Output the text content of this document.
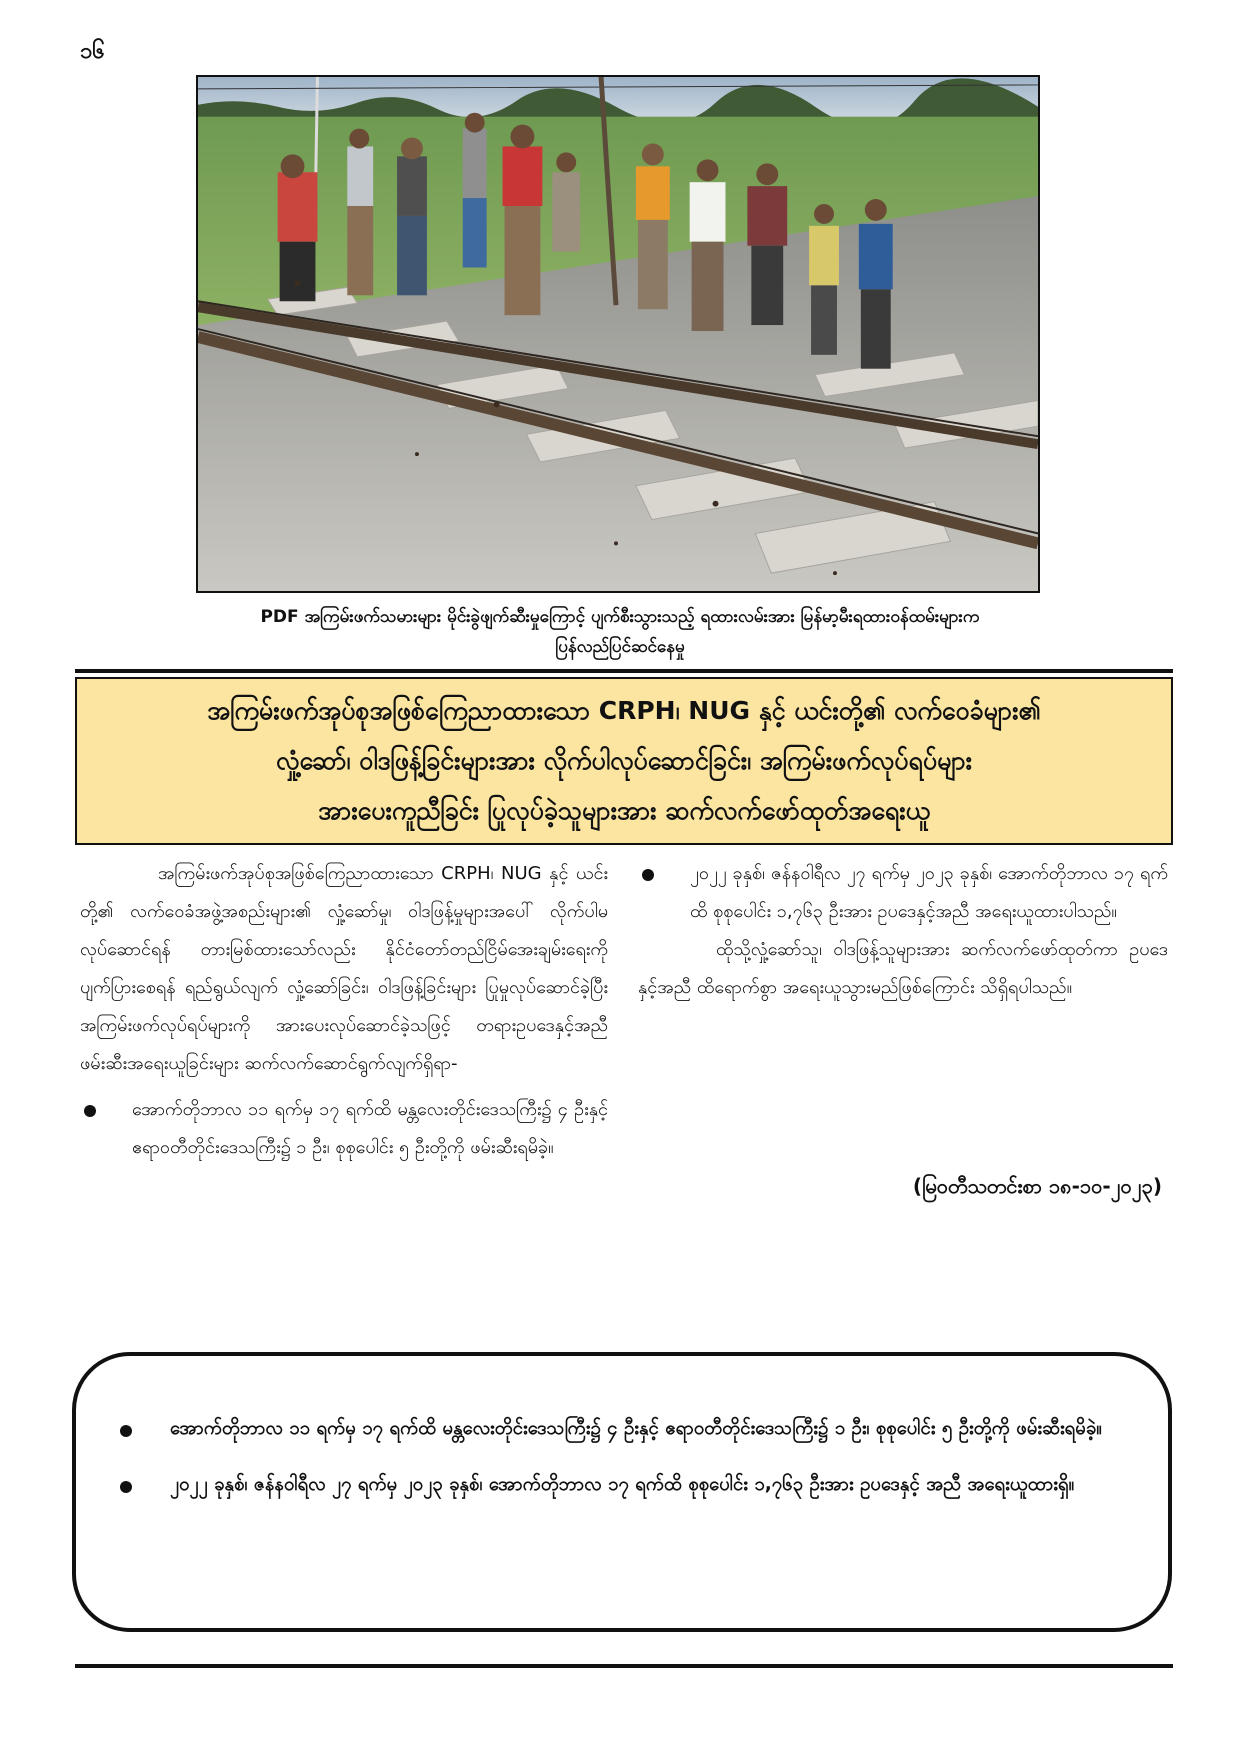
၁၆
PDF အကြမ်းဖက်သမားများ မိုင်းခွဲဖျက်ဆီးမှုကြောင့် ပျက်စီးသွားသည့် ရထားလမ်းအား မြန်မာ့မီးရထားဝန်ထမ်းများက
ပြန်လည်ပြင်ဆင်နေမှု
အကြမ်းဖက်အုပ်စုအဖြစ်ကြေညာထားသော CRPH၊ NUG နှင့် ယင်းတို့၏ လက်ဝေခံများ၏
လှုံ့ဆော်၊ ဝါဒဖြန့်ခြင်းများအား လိုက်ပါလုပ်ဆောင်ခြင်း၊ အကြမ်းဖက်လုပ်ရပ်များ
အားပေးကူညီခြင်း ပြုလုပ်ခဲ့သူများအား ဆက်လက်ဖော်ထုတ်အရေးယူ

အကြမ်းဖက်အုပ်စုအဖြစ်ကြေညာထားသော CRPH၊ NUG နှင့် ယင်းတို့၏ လက်ဝေခံအဖွဲ့အစည်းများ၏ လှုံ့ဆော်မှု၊ ဝါဒဖြန့်မှုများအပေါ် လိုက်ပါမလုပ်ဆောင်ရန် တားမြစ်ထားသော်လည်း နိုင်ငံတော်တည်ငြိမ်အေးချမ်းရေးကို ပျက်ပြားစေရန် ရည်ရွယ်လျက် လှုံ့ဆော်ခြင်း၊ ဝါဒဖြန့်ခြင်းများ ပြုမှုလုပ်ဆောင်ခဲ့ပြီး အကြမ်းဖက်လုပ်ရပ်များကို အားပေးလုပ်ဆောင်ခဲ့သဖြင့် တရားဥပဒေနှင့်အညီ ဖမ်းဆီးအရေးယူခြင်းများ ဆက်လက်ဆောင်ရွက်လျက်ရှိရာ-

အောက်တိုဘာလ ၁၁ ရက်မှ ၁၇ ရက်ထိ မန္တလေးတိုင်းဒေသကြီး၌ ၄ ဦးနှင့် ဧရာဝတီတိုင်းဒေသကြီး၌ ၁ ဦး၊ စုစုပေါင်း ၅ ဦးတို့ကို ဖမ်းဆီးရမိခဲ့။
၂၀၂၂ ခုနှစ်၊ ဇန်နဝါရီလ ၂၇ ရက်မှ ၂၀၂၃ ခုနှစ်၊ အောက်တိုဘာလ ၁၇ ရက်ထိ စုစုပေါင်း ၁,၇၆၃ ဦးအား ဥပဒေနှင့်အညီ အရေးယူထားပါသည်။

ထိုသို့လှုံ့ဆော်သူ၊ ဝါဒဖြန့်သူများအား ဆက်လက်ဖော်ထုတ်ကာ ဥပဒေနှင့်အညီ ထိရောက်စွာ အရေးယူသွားမည်ဖြစ်ကြောင်း သိရှိရပါသည်။

(မြဝတီသတင်းစာ ၁၈-၁၀-၂၀၂၃)
အောက်တိုဘာလ ၁၁ ရက်မှ ၁၇ ရက်ထိ မန္တလေးတိုင်းဒေသကြီး၌ ၄ ဦးနှင့် ဧရာဝတီတိုင်းဒေသကြီး၌ ၁ ဦး၊ စုစုပေါင်း ၅ ဦးတို့ကို ဖမ်းဆီးရမိခဲ့။
၂၀၂၂ ခုနှစ်၊ ဇန်နဝါရီလ ၂၇ ရက်မှ ၂၀၂၃ ခုနှစ်၊ အောက်တိုဘာလ ၁၇ ရက်ထိ စုစုပေါင်း ၁,၇၆၃ ဦးအား ဥပဒေနှင့် အညီ အရေးယူထားရှိ။
